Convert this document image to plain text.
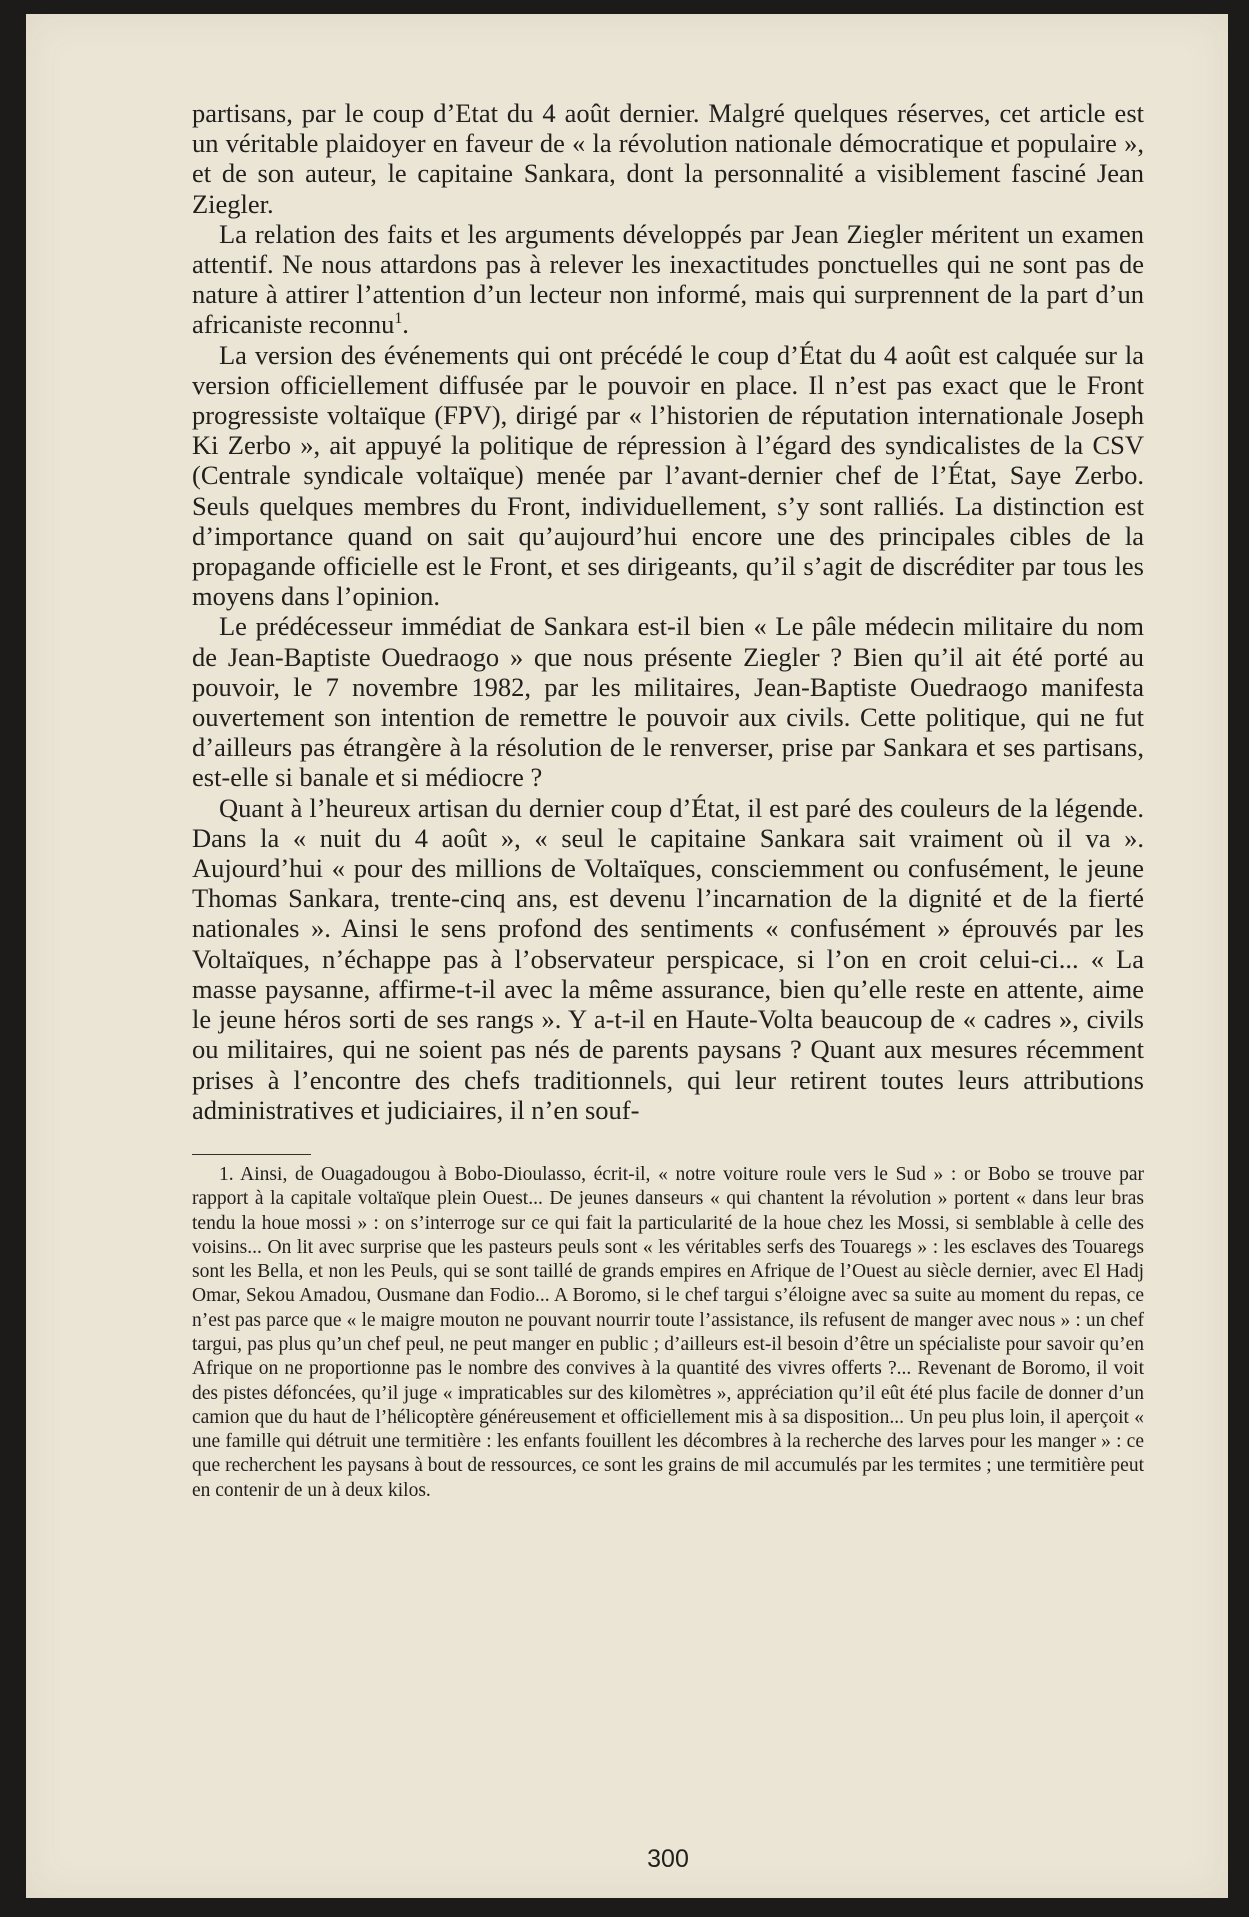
partisans, par le coup d’Etat du 4 août dernier. Malgré quelques réserves, cet article est un véritable plaidoyer en faveur de « la révolution nationale démocratique et populaire », et de son auteur, le capitaine Sankara, dont la personnalité a visiblement fasciné Jean Ziegler.

La relation des faits et les arguments développés par Jean Ziegler méritent un examen attentif. Ne nous attardons pas à relever les inexactitudes ponctuelles qui ne sont pas de nature à attirer l’attention d’un lecteur non informé, mais qui surprennent de la part d’un africaniste reconnu$^1$.

La version des événements qui ont précédé le coup d’État du 4 août est calquée sur la version officiellement diffusée par le pouvoir en place. Il n’est pas exact que le Front progressiste voltaïque (FPV), dirigé par « l’historien de réputation internationale Joseph Ki Zerbo », ait appuyé la politique de répression à l’égard des syndicalistes de la CSV (Centrale syndicale voltaïque) menée par l’avant-dernier chef de l’État, Saye Zerbo. Seuls quelques membres du Front, individuellement, s’y sont ralliés. La distinction est d’importance quand on sait qu’aujourd’hui encore une des principales cibles de la propagande officielle est le Front, et ses dirigeants, qu’il s’agit de discréditer par tous les moyens dans l’opinion.

Le prédécesseur immédiat de Sankara est-il bien « Le pâle médecin militaire du nom de Jean-Baptiste Ouedraogo » que nous présente Ziegler ? Bien qu’il ait été porté au pouvoir, le 7 novembre 1982, par les militaires, Jean-Baptiste Ouedraogo manifesta ouvertement son intention de remettre le pouvoir aux civils. Cette politique, qui ne fut d’ailleurs pas étrangère à la résolution de le renverser, prise par Sankara et ses partisans, est-elle si banale et si médiocre ?

Quant à l’heureux artisan du dernier coup d’État, il est paré des couleurs de la légende. Dans la « nuit du 4 août », « seul le capitaine Sankara sait vraiment où il va ». Aujourd’hui « pour des millions de Voltaïques, consciemment ou confusément, le jeune Thomas Sankara, trente-cinq ans, est devenu l’incarnation de la dignité et de la fierté nationales ». Ainsi le sens profond des sentiments « confusément » éprouvés par les Voltaïques, n’échappe pas à l’observateur perspicace, si l’on en croit celui-ci... « La masse paysanne, affirme-t-il avec la même assurance, bien qu’elle reste en attente, aime le jeune héros sorti de ses rangs ». Y a-t-il en Haute-Volta beaucoup de « cadres », civils ou militaires, qui ne soient pas nés de parents paysans ? Quant aux mesures récemment prises à l’encontre des chefs traditionnels, qui leur retirent toutes leurs attributions administratives et judiciaires, il n’en souf-

1. Ainsi, de Ouagadougou à Bobo-Dioulasso, écrit-il, « notre voiture roule vers le Sud » : or Bobo se trouve par rapport à la capitale voltaïque plein Ouest... De jeunes danseurs « qui chantent la révolution » portent « dans leur bras tendu la houe mossi » : on s’interroge sur ce qui fait la particularité de la houe chez les Mossi, si semblable à celle des voisins... On lit avec surprise que les pasteurs peuls sont « les véritables serfs des Touaregs » : les esclaves des Touaregs sont les Bella, et non les Peuls, qui se sont taillé de grands empires en Afrique de l’Ouest au siècle dernier, avec El Hadj Omar, Sekou Amadou, Ousmane dan Fodio... A Boromo, si le chef targui s’éloigne avec sa suite au moment du repas, ce n’est pas parce que « le maigre mouton ne pouvant nourrir toute l’assistance, ils refusent de manger avec nous » : un chef targui, pas plus qu’un chef peul, ne peut manger en public ; d’ailleurs est-il besoin d’être un spécialiste pour savoir qu’en Afrique on ne proportionne pas le nombre des convives à la quantité des vivres offerts ?... Revenant de Boromo, il voit des pistes défoncées, qu’il juge « impraticables sur des kilomètres », appréciation qu’il eût été plus facile de donner d’un camion que du haut de l’hélicoptère généreusement et officiellement mis à sa disposition... Un peu plus loin, il aperçoit « une famille qui détruit une termitière : les enfants fouillent les décombres à la recherche des larves pour les manger » : ce que recherchent les paysans à bout de ressources, ce sont les grains de mil accumulés par les termites ; une termitière peut en contenir de un à deux kilos.

300
